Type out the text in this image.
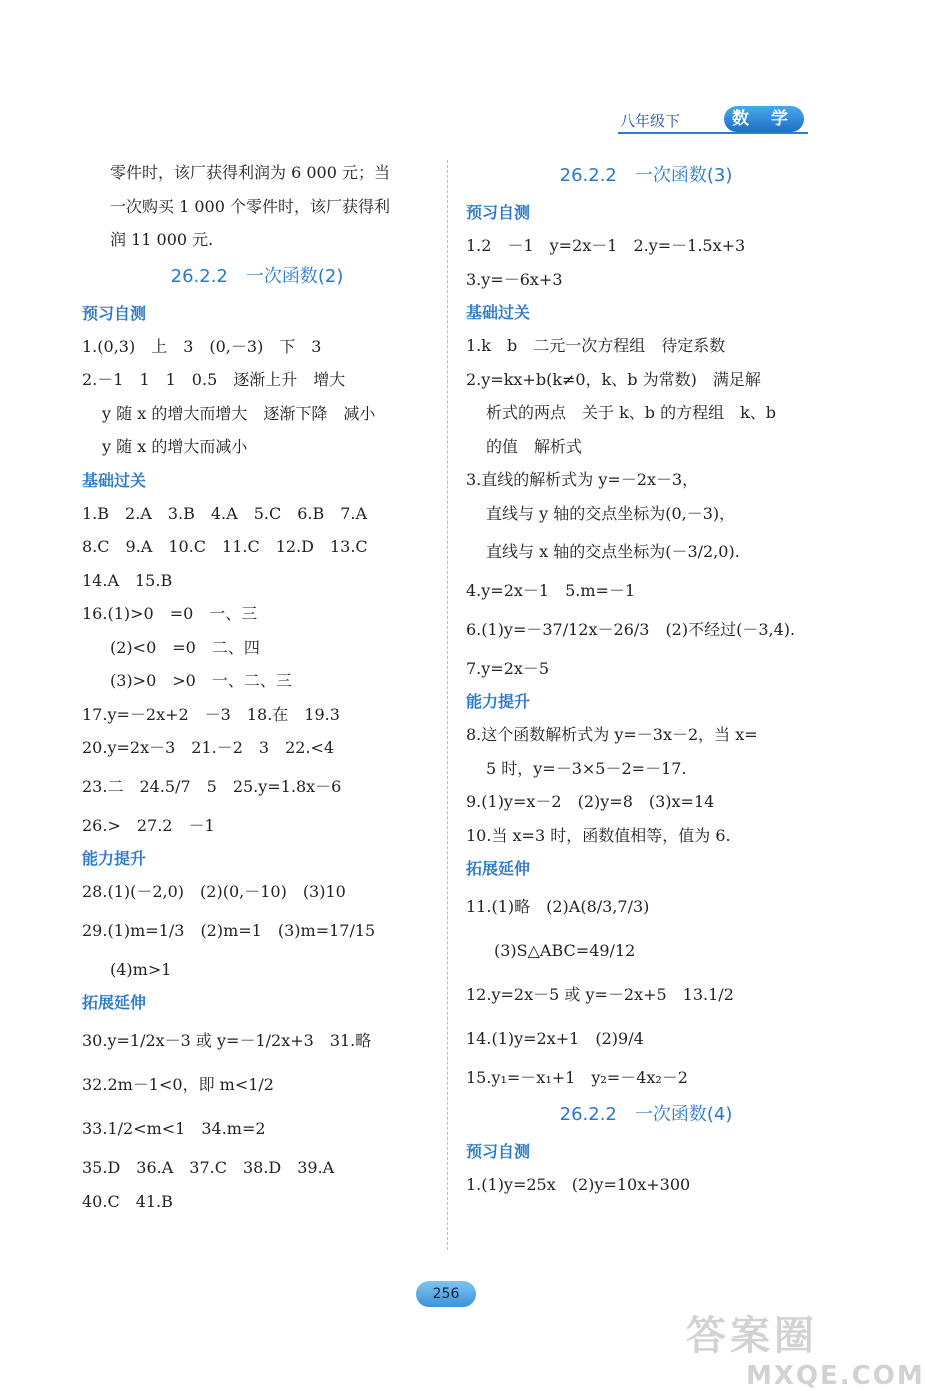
八年级下	数 学
零件时，该厂获得利润为 6 000 元；当
一次购买 1 000 个零件时，该厂获得利
润 11 000 元.
26.2.2　一次函数(2)
预习自测
1.(0,3)　上　3　(0,－3)　下　3
2.－1　1　1　0.5　逐渐上升　增大
y 随 x 的增大而增大　逐渐下降　减小
y 随 x 的增大而减小
基础过关
1.B　2.A　3.B　4.A　5.C　6.B　7.A
8.C　9.A　10.C　11.C　12.D　13.C
14.A　15.B
16.(1)>0　=0　一、三
(2)<0　=0　二、四
(3)>0　>0　一、二、三
17.y=－2x+2　－3　18.在　19.3
20.y=2x－3　21.－2　3　22.<4
23.二　24.5/7　5　25.y=1.8x－6
26.>　27.2　－1
能力提升
28.(1)(－2,0)　(2)(0,－10)　(3)10
29.(1)m=1/3　(2)m=1　(3)m=17/15
(4)m>1
拓展延伸
30.y=1/2x－3 或 y=－1/2x+3　31.略
32.2m－1<0，即 m<1/2
33.1/2<m<1　34.m=2
35.D　36.A　37.C　38.D　39.A
40.C　41.B
26.2.2　一次函数(3)
预习自测
1.2　－1　y=2x－1　2.y=－1.5x+3
3.y=－6x+3
基础过关
1.k　b　二元一次方程组　待定系数
2.y=kx+b(k≠0，k、b 为常数)　满足解
析式的两点　关于 k、b 的方程组　k、b
的值　解析式
3.直线的解析式为 y=－2x－3，
直线与 y 轴的交点坐标为(0,－3)，
直线与 x 轴的交点坐标为(－3/2,0).
4.y=2x－1　5.m=－1
6.(1)y=－37/12x－26/3　(2)不经过(－3,4).
7.y=2x－5
能力提升
8.这个函数解析式为 y=－3x－2，当 x=
5 时，y=－3×5－2=－17.
9.(1)y=x－2　(2)y=8　(3)x=14
10.当 x=3 时，函数值相等，值为 6.
拓展延伸
11.(1)略　(2)A(8/3,7/3)
(3)S△ABC=49/12
12.y=2x－5 或 y=－2x+5　13.1/2
14.(1)y=2x+1　(2)9/4
15.y₁=－x₁+1　y₂=－4x₂－2
26.2.2　一次函数(4)
预习自测
1.(1)y=25x　(2)y=10x+300
256
答案圈
MXQE.COM
